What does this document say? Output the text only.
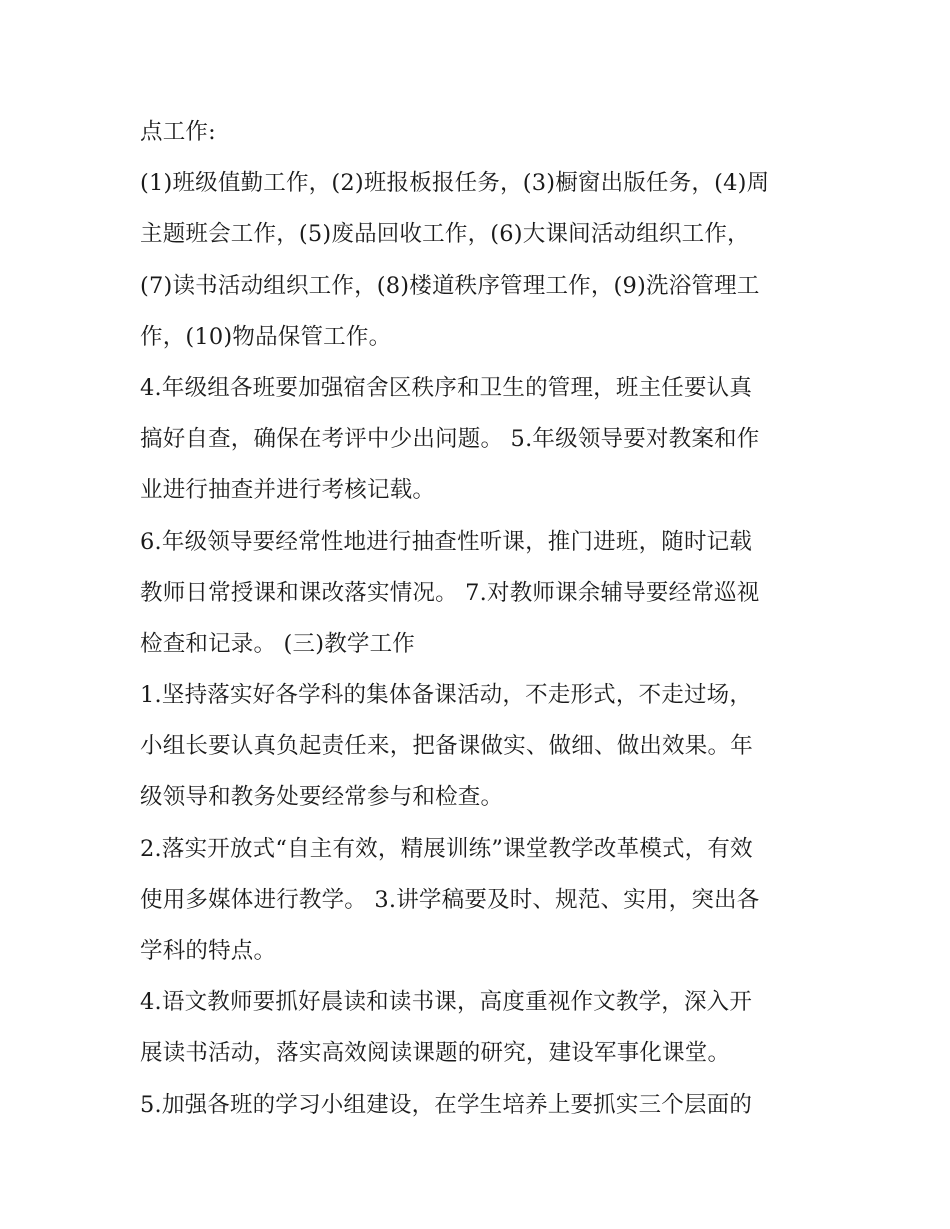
点工作:
(1)班级值勤工作，(2)班报板报任务，(3)橱窗出版任务，(4)周
主题班会工作，(5)废品回收工作，(6)大课间活动组织工作，
(7)读书活动组织工作，(8)楼道秩序管理工作，(9)洗浴管理工
作，(10)物品保管工作。
4.年级组各班要加强宿舍区秩序和卫生的管理，班主任要认真
搞好自查，确保在考评中少出问题。 5.年级领导要对教案和作
业进行抽查并进行考核记载。
6.年级领导要经常性地进行抽查性听课，推门进班，随时记载
教师日常授课和课改落实情况。 7.对教师课余辅导要经常巡视
检查和记录。 (三)教学工作
1.坚持落实好各学科的集体备课活动，不走形式，不走过场，
小组长要认真负起责任来，把备课做实、做细、做出效果。年
级领导和教务处要经常参与和检查。
2.落实开放式“自主有效，精展训练”课堂教学改革模式，有效
使用多媒体进行教学。 3.讲学稿要及时、规范、实用，突出各
学科的特点。
4.语文教师要抓好晨读和读书课，高度重视作文教学，深入开
展读书活动，落实高效阅读课题的研究，建设军事化课堂。
5.加强各班的学习小组建设，在学生培养上要抓实三个层面的
